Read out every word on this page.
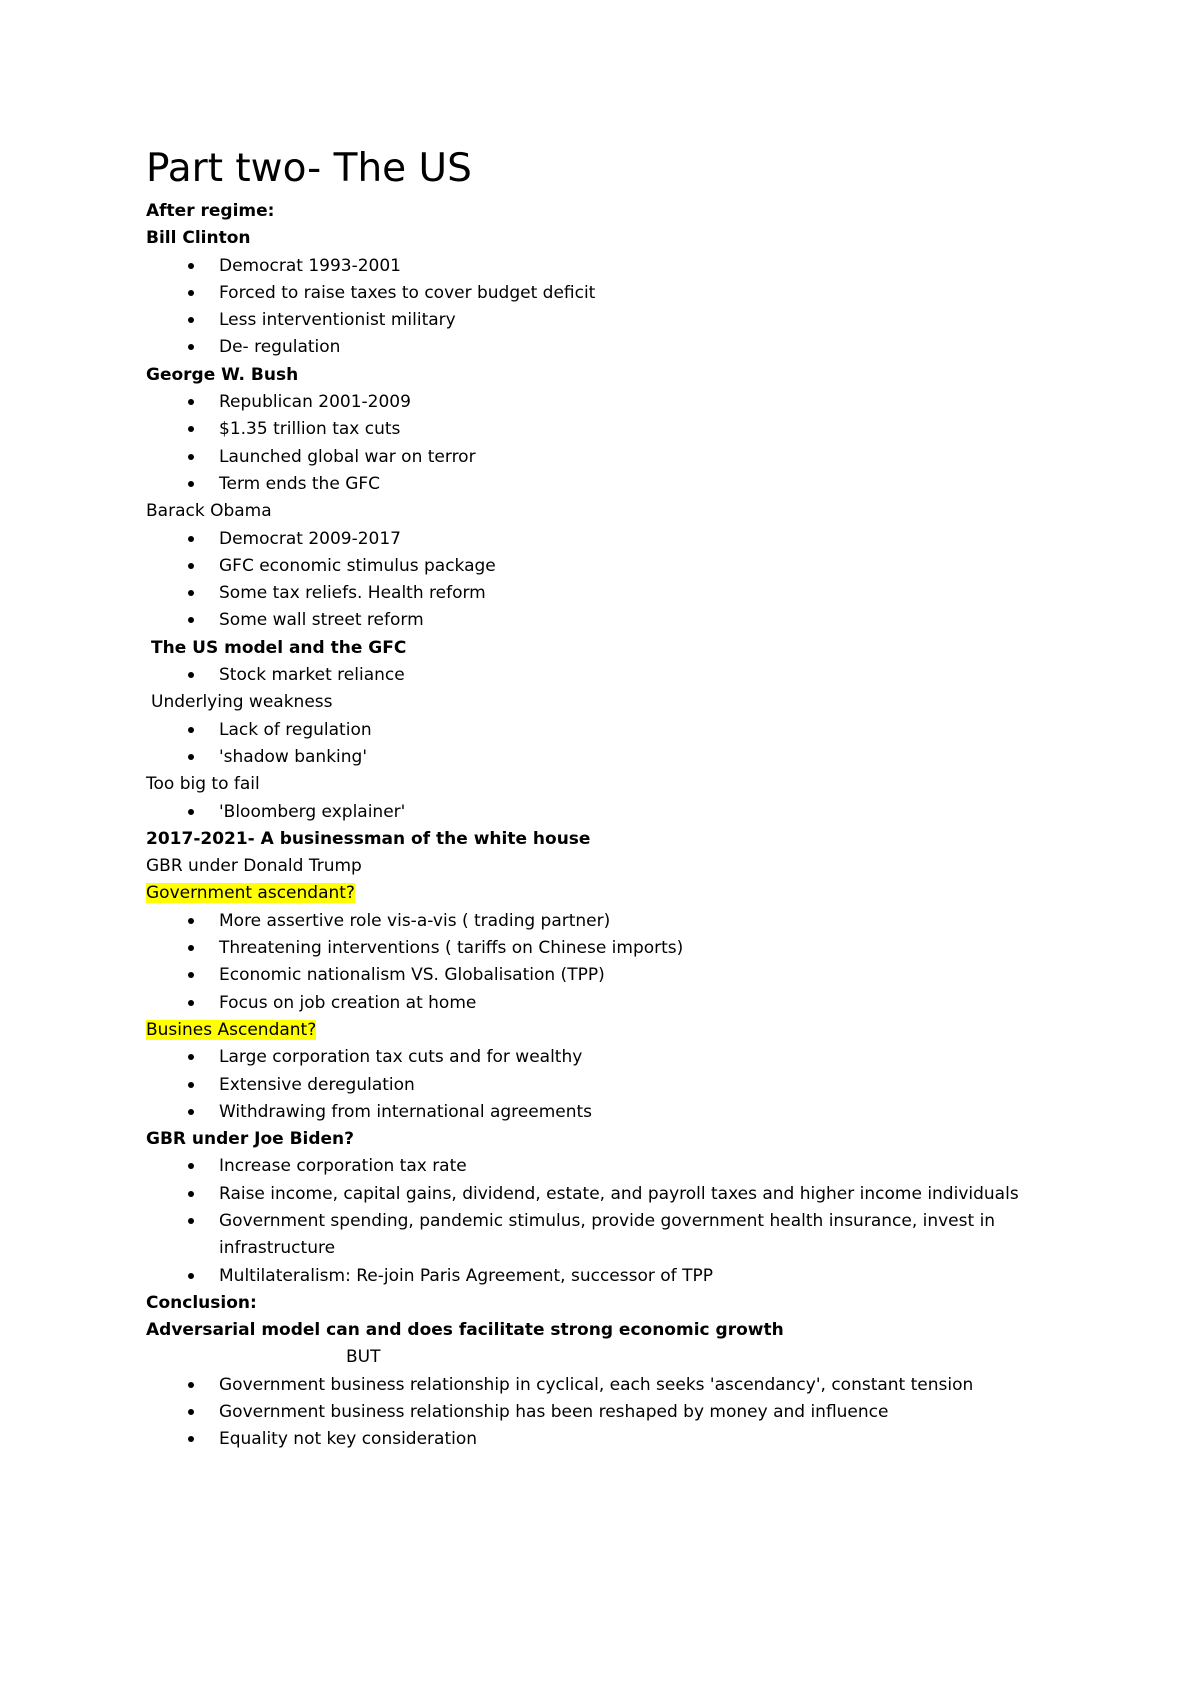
Part two- The US
After regime:
Bill Clinton
Democrat 1993-2001
Forced to raise taxes to cover budget deficit
Less interventionist military
De- regulation
George W. Bush
Republican 2001-2009
$1.35 trillion tax cuts
Launched global war on terror
Term ends the GFC
Barack Obama
Democrat 2009-2017
GFC economic stimulus package
Some tax reliefs. Health reform
Some wall street reform
The US model and the GFC
Stock market reliance
Underlying weakness
Lack of regulation
'shadow banking'
Too big to fail
'Bloomberg explainer'
2017-2021- A businessman of the white house
GBR under Donald Trump
Government ascendant?
More assertive role vis-a-vis ( trading partner)
Threatening interventions ( tariffs on Chinese imports)
Economic nationalism VS. Globalisation (TPP)
Focus on job creation at home
Busines Ascendant?
Large corporation tax cuts and for wealthy
Extensive deregulation
Withdrawing from international agreements
GBR under Joe Biden?
Increase corporation tax rate
Raise income, capital gains, dividend, estate, and payroll taxes and higher income individuals
Government spending, pandemic stimulus, provide government health insurance, invest in
infrastructure
Multilateralism: Re-join Paris Agreement, successor of TPP
Conclusion:
Adversarial model can and does facilitate strong economic growth
BUT
Government business relationship in cyclical, each seeks 'ascendancy', constant tension
Government business relationship has been reshaped by money and influence
Equality not key consideration
